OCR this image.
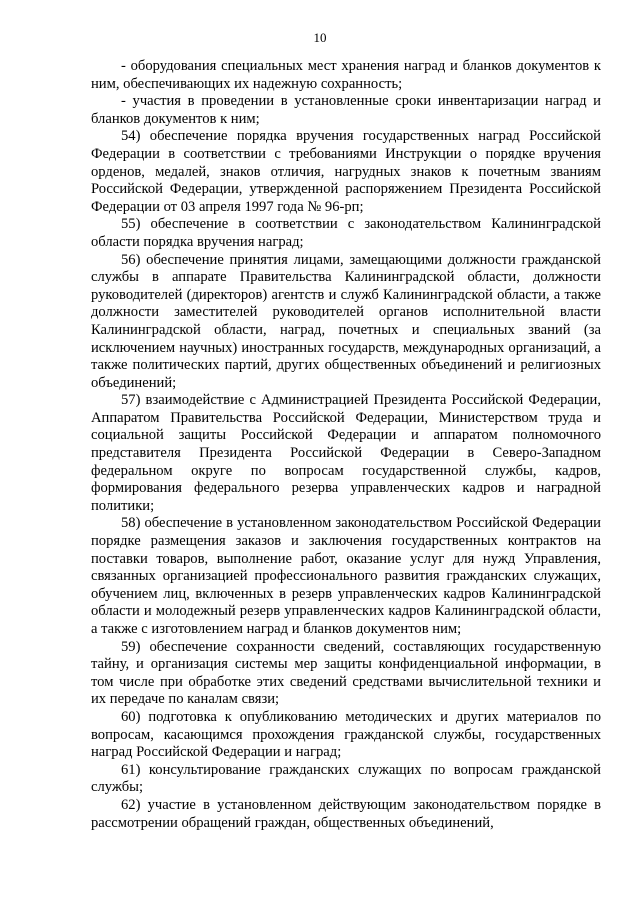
10

- оборудования специальных мест хранения наград и бланков документов к ним, обеспечивающих их надежную сохранность;

- участия в проведении в установленные сроки инвентаризации наград и бланков документов к ним;

54) обеспечение порядка вручения государственных наград Российской Федерации в соответствии с требованиями Инструкции о порядке вручения орденов, медалей, знаков отличия, нагрудных знаков к почетным званиям Российской Федерации, утвержденной распоряжением Президента Российской Федерации от 03 апреля 1997 года № 96-рп;

55) обеспечение в соответствии с законодательством Калининградской области порядка вручения наград;

56) обеспечение принятия лицами, замещающими должности гражданской службы в аппарате Правительства Калининградской области, должности руководителей (директоров) агентств и служб Калининградской области, а также должности заместителей руководителей органов исполнительной власти Калининградской области, наград, почетных и специальных званий (за исключением научных) иностранных государств, международных организаций, а также политических партий, других общественных объединений и религиозных объединений;

57) взаимодействие с Администрацией Президента Российской Федерации, Аппаратом Правительства Российской Федерации, Министерством труда и социальной защиты Российской Федерации и аппаратом полномочного представителя Президента Российской Федерации в Северо-Западном федеральном округе по вопросам государственной службы, кадров, формирования федерального резерва управленческих кадров и наградной политики;

58) обеспечение в установленном законодательством Российской Федерации порядке размещения заказов и заключения государственных контрактов на поставки товаров, выполнение работ, оказание услуг для нужд Управления, связанных организацией профессионального развития гражданских служащих, обучением лиц, включенных в резерв управленческих кадров Калининградской области и молодежный резерв управленческих кадров Калининградской области, а также с изготовлением наград и бланков документов ним;

59) обеспечение сохранности сведений, составляющих государственную тайну, и организация системы мер защиты конфиденциальной информации, в том числе при обработке этих сведений средствами вычислительной техники и их передаче по каналам связи;

60) подготовка к опубликованию методических и других материалов по вопросам, касающимся прохождения гражданской службы, государственных наград Российской Федерации и наград;

61) консультирование гражданских служащих по вопросам гражданской службы;

62) участие в установленном действующим законодательством порядке в рассмотрении обращений граждан, общественных объединений,
